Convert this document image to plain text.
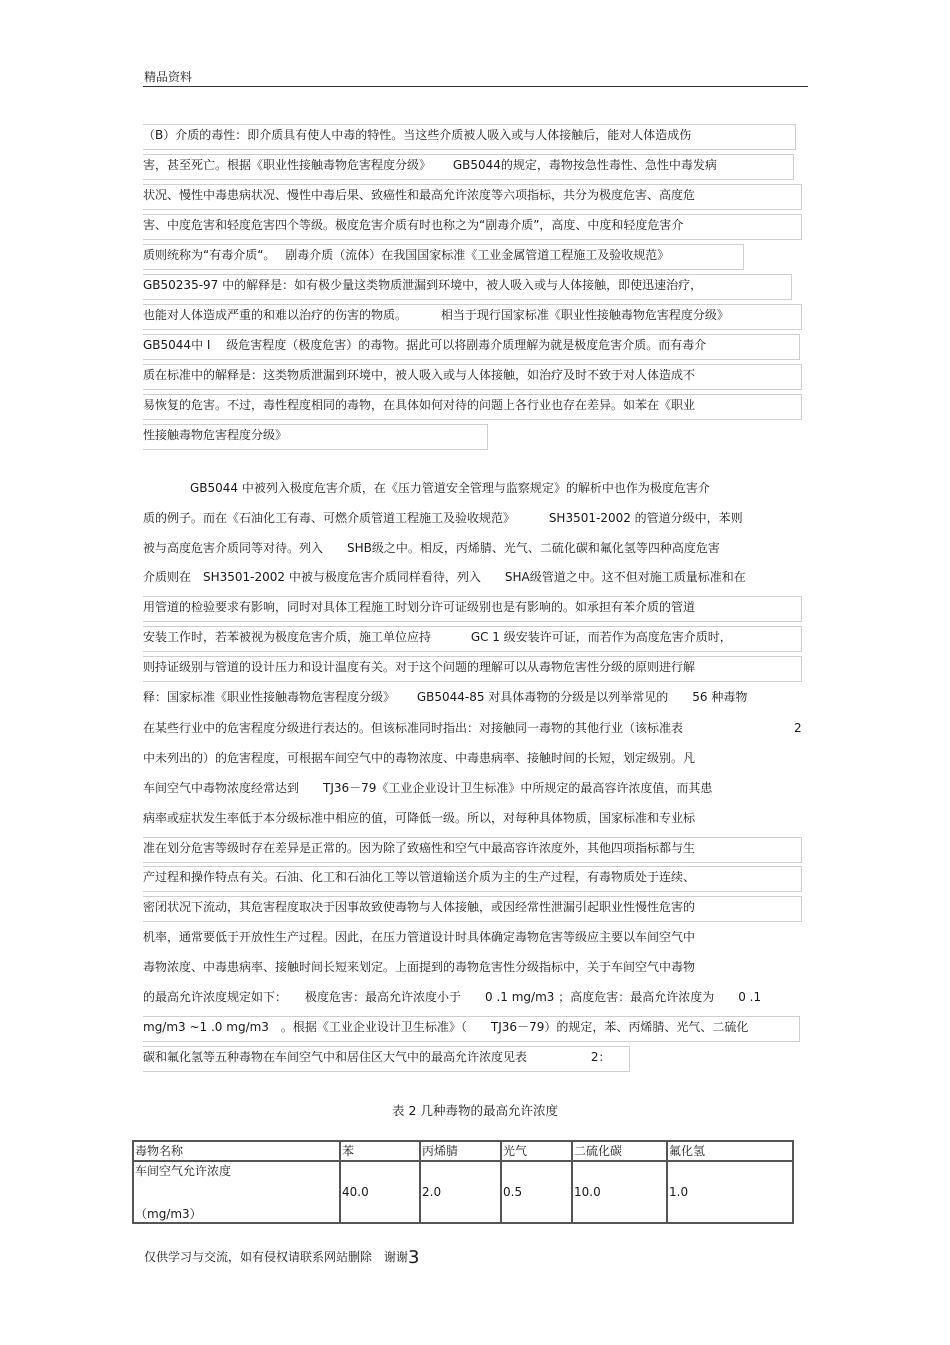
精品资料
（B）介质的毒性：即介质具有使人中毒的特性。当这些介质被人吸入或与人体接触后，能对人体造成伤
害，甚至死亡。根据《职业性接触毒物危害程度分级》　　 GB5044的规定，毒物按急性毒性、急性中毒发病
状况、慢性中毒患病状况、慢性中毒后果、致癌性和最高允许浓度等六项指标，共分为极度危害、高度危
害、中度危害和轻度危害四个等级。极度危害介质有时也称之为“剧毒介质”，高度、中度和轻度危害介
质则统称为“有毒介质“。　 剧毒介质（流体）在我国国家标准《工业金属管道工程施工及验收规范》
GB50235-97 中的解释是：如有极少量这类物质泄漏到环境中，被人吸入或与人体接触，即使迅速治疗，
也能对人体造成严重的和难以治疗的伤害的物质。　　　 相当于现行国家标准《职业性接触毒物危害程度分级》
GB5044中 I　 级危害程度（极度危害）的毒物。据此可以将剧毒介质理解为就是极度危害介质。而有毒介
质在标准中的解释是：这类物质泄漏到环境中，被人吸入或与人体接触，如治疗及时不致于对人体造成不
易恢复的危害。不过，毒性程度相同的毒物，在具体如何对待的问题上各行业也存在差异。如苯在《职业
性接触毒物危害程度分级》
GB5044 中被列入极度危害介质，在《压力管道安全管理与监察规定》的解析中也作为极度危害介
质的例子。而在《石油化工有毒、可燃介质管道工程施工及验收规范》　　　 SH3501-2002 的管道分级中，苯则
被与高度危害介质同等对待。列入　　SHB级之中。相反，丙烯腈、光气、二硫化碳和氟化氢等四种高度危害
介质则在　SH3501-2002 中被与极度危害介质同样看待，列入　　SHA级管道之中。这不但对施工质量标准和在
用管道的检验要求有影响，同时对具体工程施工时划分许可证级别也是有影响的。如承担有苯介质的管道
安装工作时，若苯被视为极度危害介质，施工单位应持　　　 GC 1 级安装许可证，而若作为高度危害介质时，
则持证级别与管道的设计压力和设计温度有关。对于这个问题的理解可以从毒物危害性分级的原则进行解
释：国家标准《职业性接触毒物危害程度分级》　　 GB5044-85 对具体毒物的分级是以列举常见的　　56 种毒物
在某些行业中的危害程度分级进行表达的。但该标准同时指出：对接触同一毒物的其他行业（该标准表	2
中未列出的）的危害程度，可根据车间空气中的毒物浓度、中毒患病率、接触时间的长短，划定级别。凡
车间空气中毒物浓度经常达到　　TJ36－79《工业企业设计卫生标准》中所规定的最高容许浓度值，而其患
病率或症状发生率低于本分级标准中相应的值，可降低一级。所以，对每种具体物质，国家标准和专业标
准在划分危害等级时存在差异是正常的。因为除了致癌性和空气中最高容许浓度外，其他四项指标都与生
产过程和操作特点有关。石油、化工和石油化工等以管道输送介质为主的生产过程，有毒物质处于连续、
密闭状况下流动，其危害程度取决于因事故致使毒物与人体接触，或因经常性泄漏引起职业性慢性危害的
机率，通常要低于开放性生产过程。因此，在压力管道设计时具体确定毒物危害等级应主要以车间空气中
毒物浓度、中毒患病率、接触时间长短来划定。上面提到的毒物危害性分级指标中，关于车间空气中毒物
的最高允许浓度规定如下：　　极度危害：最高允许浓度小于　　0 .1 mg/m3 ；高度危害：最高允许浓度为　　0 .1
mg/m3 ~1 .0 mg/m3　。根据《工业企业设计卫生标准》（　　TJ36－79）的规定，苯、丙烯腈、光气、二硫化
碳和氟化氢等五种毒物在车间空气中和居住区大气中的最高允许浓度见表　　　　　 2：
表 2 几种毒物的最高允许浓度
毒物名称	苯	丙烯腈	光气	二硫化碳	氟化氢

车间空气允许浓度
（mg/m3）	40.0	2.0	0.5	10.0	1.0
仅供学习与交流，如有侵权请联系网站删除　谢谢3
